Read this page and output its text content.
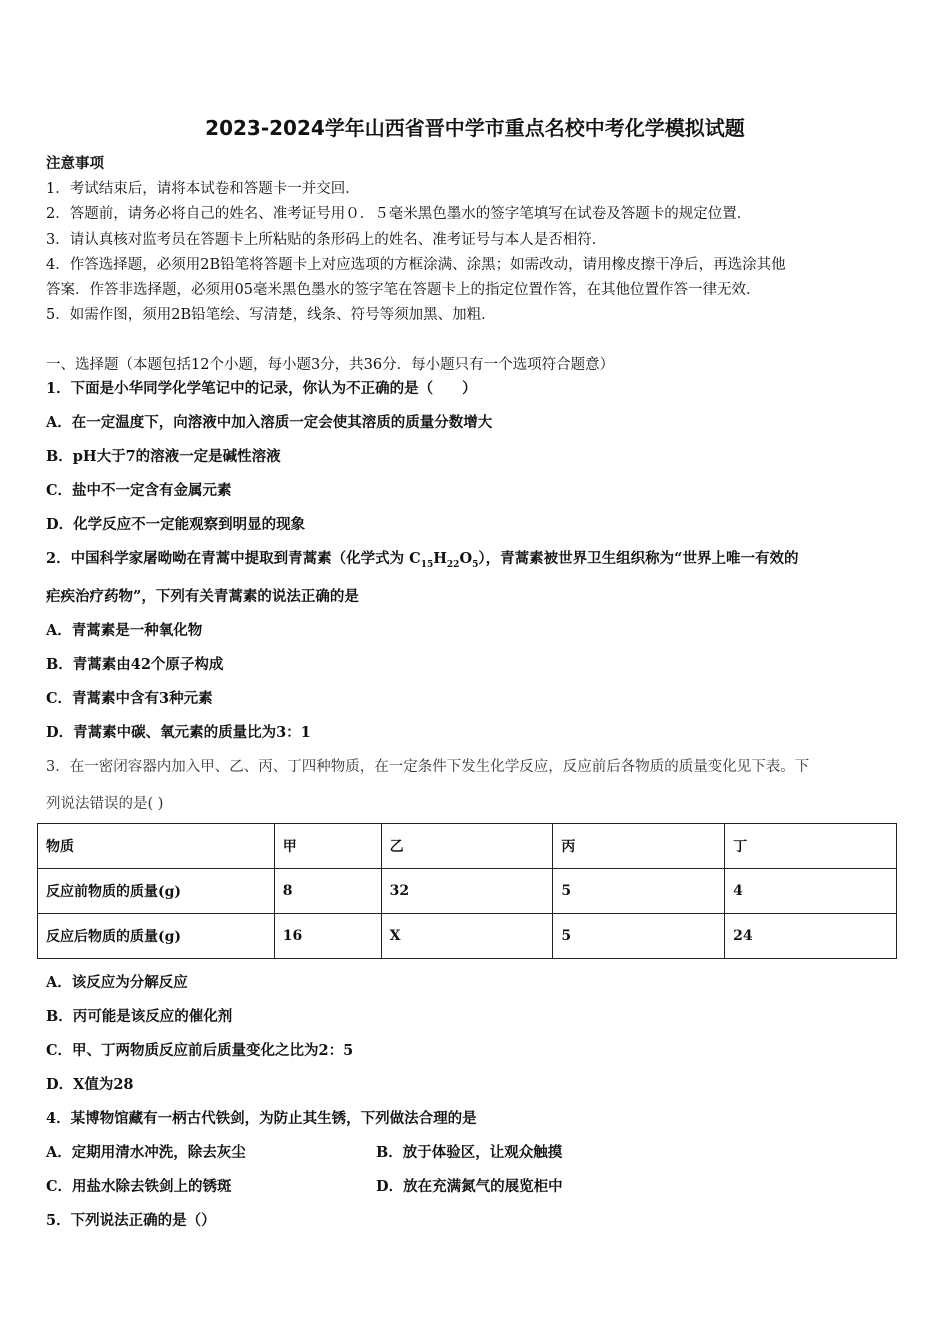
2023-2024学年山西省晋中学市重点名校中考化学模拟试题
注意事项
1．考试结束后，请将本试卷和答题卡一并交回．
2．答题前，请务必将自己的姓名、准考证号用０．５毫米黑色墨水的签字笔填写在试卷及答题卡的规定位置．
3．请认真核对监考员在答题卡上所粘贴的条形码上的姓名、准考证号与本人是否相符．
4．作答选择题，必须用2B铅笔将答题卡上对应选项的方框涂满、涂黑；如需改动，请用橡皮擦干净后，再选涂其他
答案．作答非选择题，必须用05毫米黑色墨水的签字笔在答题卡上的指定位置作答，在其他位置作答一律无效．
5．如需作图，须用2B铅笔绘、写清楚，线条、符号等须加黑、加粗．
一、选择题（本题包括12个小题，每小题3分，共36分．每小题只有一个选项符合题意）
1．下面是小华同学化学笔记中的记录，你认为不正确的是（　　）
A．在一定温度下，向溶液中加入溶质一定会使其溶质的质量分数增大
B．pH大于7的溶液一定是碱性溶液
C．盐中不一定含有金属元素
D．化学反应不一定能观察到明显的现象
2．中国科学家屠呦呦在青蒿中提取到青蒿素（化学式为 $C_{15}H_{22}O_5$），青蒿素被世界卫生组织称为“世界上唯一有效的
疟疾治疗药物”，下列有关青蒿素的说法正确的是
A．青蒿素是一种氧化物
B．青蒿素由42个原子构成
C．青蒿素中含有3种元素
D．青蒿素中碳、氧元素的质量比为3：1
3．在一密闭容器内加入甲、乙、丙、丁四种物质，在一定条件下发生化学反应，反应前后各物质的质量变化见下表。下
列说法错误的是( )
物质	甲	乙	丙	丁
反应前物质的质量(g)	8	32	5	4
反应后物质的质量(g)	16	X	5	24
A．该反应为分解反应
B．丙可能是该反应的催化剂
C．甲、丁两物质反应前后质量变化之比为2：5
D．X值为28
4．某博物馆藏有一柄古代铁剑，为防止其生锈，下列做法合理的是
A．定期用清水冲洗，除去灰尘	B．放于体验区，让观众触摸
C．用盐水除去铁剑上的锈斑	D．放在充满氮气的展览柜中
5．下列说法正确的是（）
